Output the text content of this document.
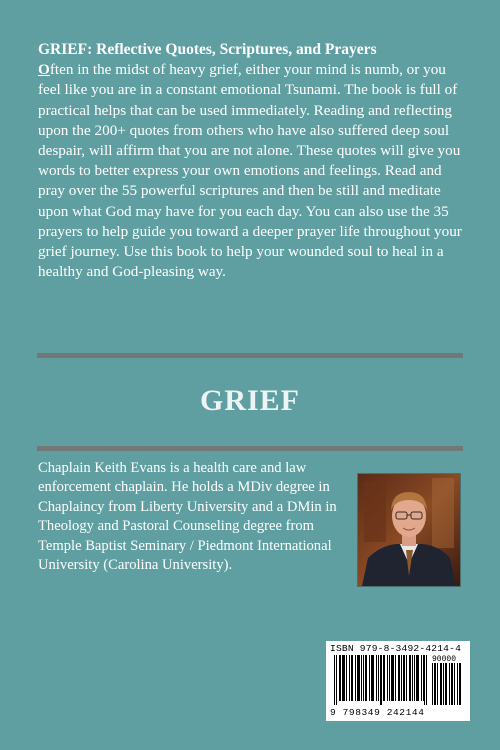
GRIEF: Reflective Quotes, Scriptures, and Prayers

Often in the midst of heavy grief, either your mind is numb, or you feel like you are in a constant emotional Tsunami. The book is full of practical helps that can be used immediately. Reading and reflecting upon the 200+ quotes from others who have also suffered deep soul despair, will affirm that you are not alone. These quotes will give you words to better express your own emotions and feelings. Read and pray over the 55 powerful scriptures and then be still and meditate upon what God may have for you each day. You can also use the 35 prayers to help guide you toward a deeper prayer life throughout your grief journey. Use this book to help your wounded soul to heal in a healthy and God-pleasing way.

GRIEF

Chaplain Keith Evans is a health care and law enforcement chaplain. He holds a MDiv degree in Chaplaincy from Liberty University and a DMin in Theology and Pastoral Counseling degree from Temple Baptist Seminary / Piedmont International University (Carolina University).

ISBN 979-8-3492-4214-4
90000
9 798349 242144
